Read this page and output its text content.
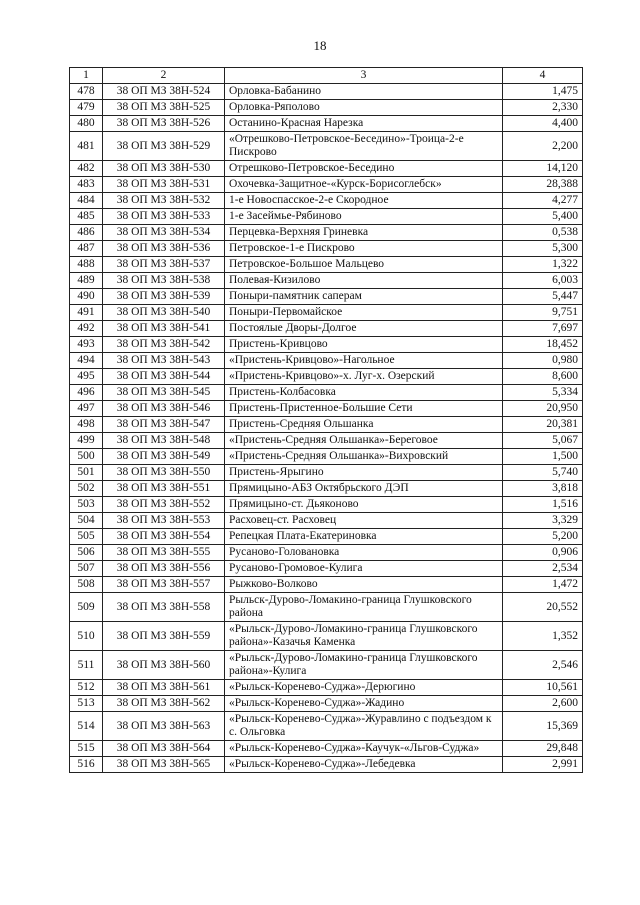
18
1	2	3	4
478	38 ОП МЗ 38Н-524	Орловка-Бабанино	1,475
479	38 ОП МЗ 38Н-525	Орловка-Ряполово	2,330
480	38 ОП МЗ 38Н-526	Останино-Красная Нарезка	4,400
481	38 ОП МЗ 38Н-529	«Отрешково-Петровское-Беседино»-Троица-2-е Пискрово	2,200
482	38 ОП МЗ 38Н-530	Отрешково-Петровское-Беседино	14,120
483	38 ОП МЗ 38Н-531	Охочевка-Защитное-«Курск-Борисоглебск»	28,388
484	38 ОП МЗ 38Н-532	1-е Новоспасское-2-е Скородное	4,277
485	38 ОП МЗ 38Н-533	1-е Засеймье-Рябиново	5,400
486	38 ОП МЗ 38Н-534	Перцевка-Верхняя Гриневка	0,538
487	38 ОП МЗ 38Н-536	Петровское-1-е Пискрово	5,300
488	38 ОП МЗ 38Н-537	Петровское-Большое Мальцево	1,322
489	38 ОП МЗ 38Н-538	Полевая-Кизилово	6,003
490	38 ОП МЗ 38Н-539	Поныри-памятник саперам	5,447
491	38 ОП МЗ 38Н-540	Поныри-Первомайское	9,751
492	38 ОП МЗ 38Н-541	Постоялые Дворы-Долгое	7,697
493	38 ОП МЗ 38Н-542	Пристень-Кривцово	18,452
494	38 ОП МЗ 38Н-543	«Пристень-Кривцово»-Нагольное	0,980
495	38 ОП МЗ 38Н-544	«Пристень-Кривцово»-х. Луг-х. Озерский	8,600
496	38 ОП МЗ 38Н-545	Пристень-Колбасовка	5,334
497	38 ОП МЗ 38Н-546	Пристень-Пристенное-Большие Сети	20,950
498	38 ОП МЗ 38Н-547	Пристень-Средняя Ольшанка	20,381
499	38 ОП МЗ 38Н-548	«Пристень-Средняя Ольшанка»-Береговое	5,067
500	38 ОП МЗ 38Н-549	«Пристень-Средняя Ольшанка»-Вихровский	1,500
501	38 ОП МЗ 38Н-550	Пристень-Ярыгино	5,740
502	38 ОП МЗ 38Н-551	Прямицыно-АБЗ Октябрьского ДЭП	3,818
503	38 ОП МЗ 38Н-552	Прямицыно-ст. Дьяконово	1,516
504	38 ОП МЗ 38Н-553	Расховец-ст. Расховец	3,329
505	38 ОП МЗ 38Н-554	Репецкая Плата-Екатериновка	5,200
506	38 ОП МЗ 38Н-555	Русаново-Головановка	0,906
507	38 ОП МЗ 38Н-556	Русаново-Громовое-Кулига	2,534
508	38 ОП МЗ 38Н-557	Рыжково-Волково	1,472
509	38 ОП МЗ 38Н-558	Рыльск-Дурово-Ломакино-граница Глушковского района	20,552
510	38 ОП МЗ 38Н-559	«Рыльск-Дурово-Ломакино-граница Глушковского района»-Казачья Каменка	1,352
511	38 ОП МЗ 38Н-560	«Рыльск-Дурово-Ломакино-граница Глушковского района»-Кулига	2,546
512	38 ОП МЗ 38Н-561	«Рыльск-Коренево-Суджа»-Дерюгино	10,561
513	38 ОП МЗ 38Н-562	«Рыльск-Коренево-Суджа»-Жадино	2,600
514	38 ОП МЗ 38Н-563	«Рыльск-Коренево-Суджа»-Журавлино с подъездом к с. Ольговка	15,369
515	38 ОП МЗ 38Н-564	«Рыльск-Коренево-Суджа»-Каучук-«Льгов-Суджа»	29,848
516	38 ОП МЗ 38Н-565	«Рыльск-Коренево-Суджа»-Лебедевка	2,991
